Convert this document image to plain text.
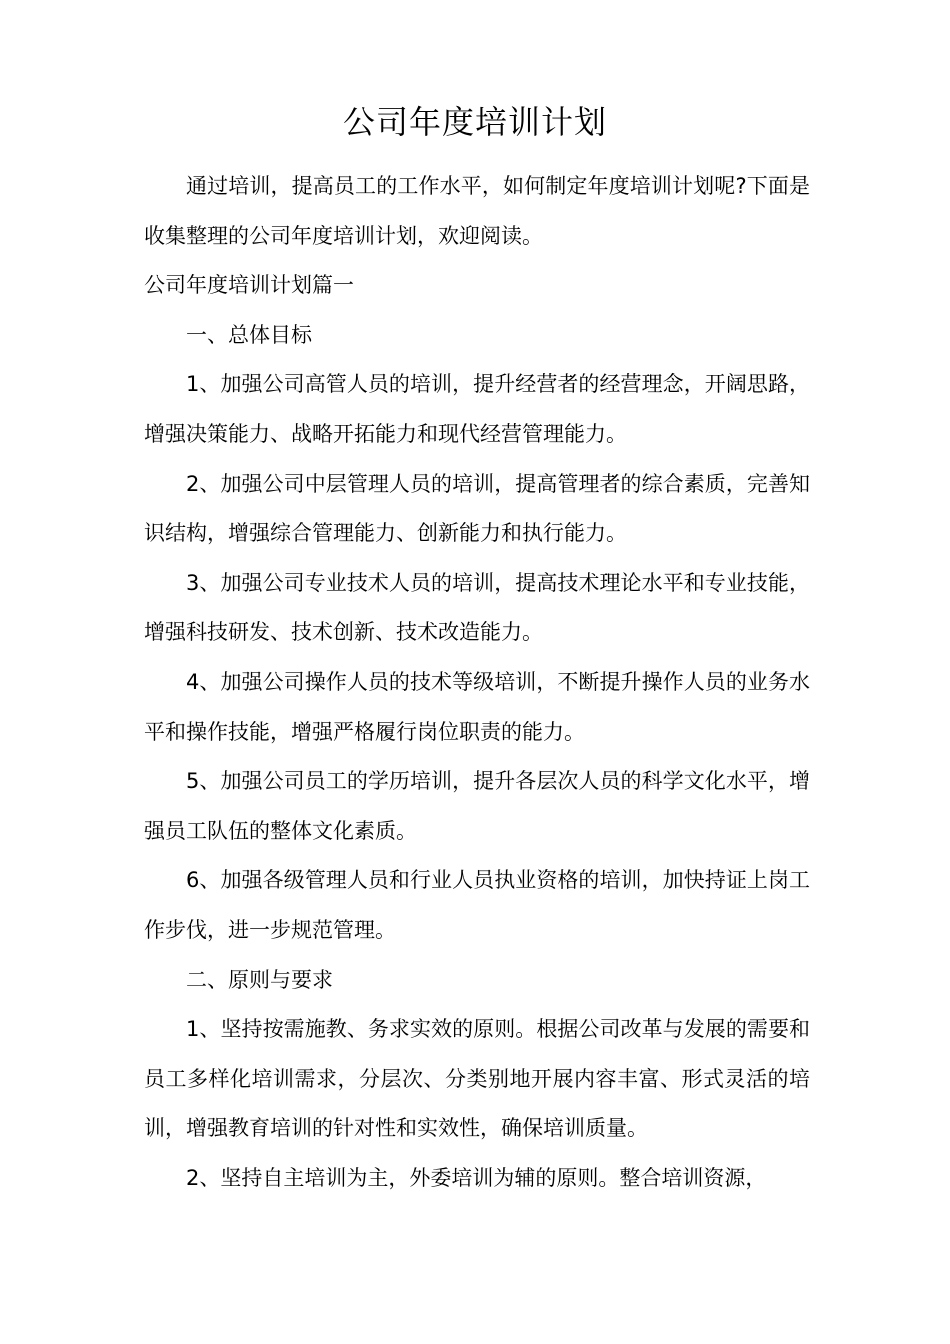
公司年度培训计划

通过培训，提高员工的工作水平，如何制定年度培训计划呢?下面是收集整理的公司年度培训计划，欢迎阅读。

公司年度培训计划篇一

一、总体目标

1、加强公司高管人员的培训，提升经营者的经营理念，开阔思路，增强决策能力、战略开拓能力和现代经营管理能力。

2、加强公司中层管理人员的培训，提高管理者的综合素质，完善知识结构，增强综合管理能力、创新能力和执行能力。

3、加强公司专业技术人员的培训，提高技术理论水平和专业技能，增强科技研发、技术创新、技术改造能力。

4、加强公司操作人员的技术等级培训，不断提升操作人员的业务水平和操作技能，增强严格履行岗位职责的能力。

5、加强公司员工的学历培训，提升各层次人员的科学文化水平，增强员工队伍的整体文化素质。

6、加强各级管理人员和行业人员执业资格的培训，加快持证上岗工作步伐，进一步规范管理。

二、原则与要求

1、坚持按需施教、务求实效的原则。根据公司改革与发展的需要和员工多样化培训需求，分层次、分类别地开展内容丰富、形式灵活的培训，增强教育培训的针对性和实效性，确保培训质量。

2、坚持自主培训为主，外委培训为辅的原则。整合培训资源，
